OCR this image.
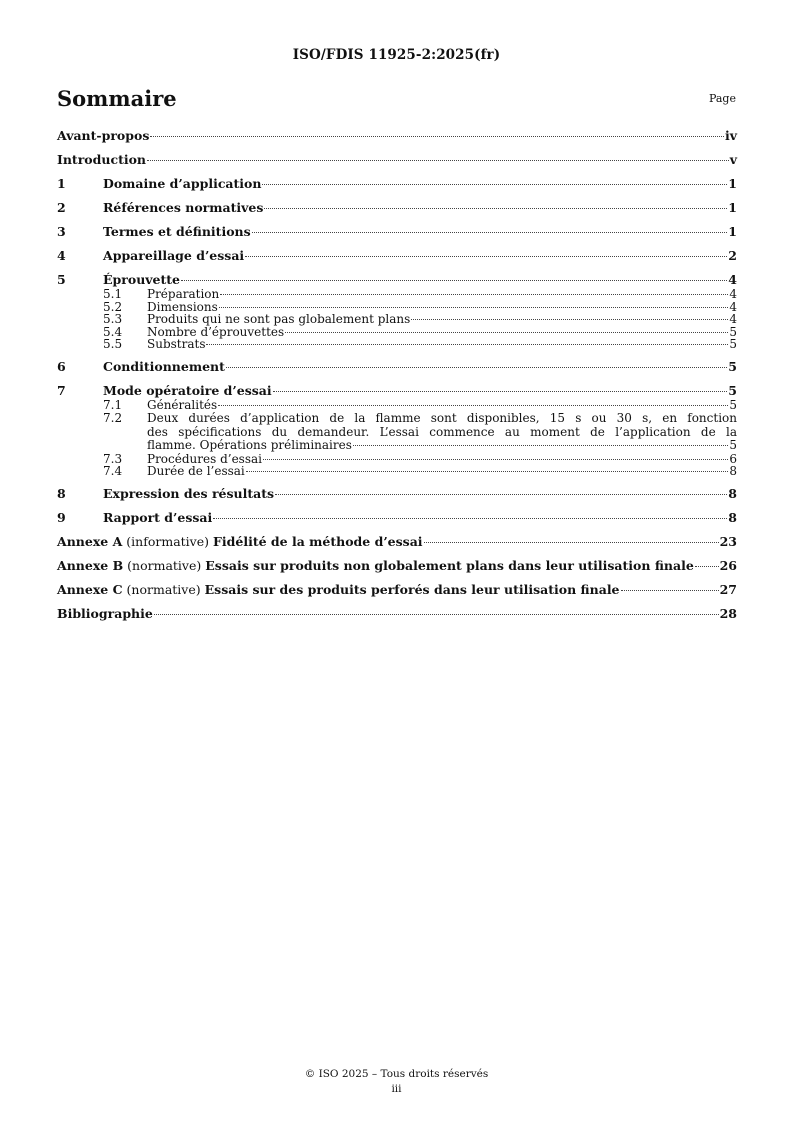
ISO/FDIS 11925-2:2025(fr)
Sommaire	Page
Avant-propos	iv
Introduction	v
1	Domaine d’application	1
2	Références normatives	1
3	Termes et définitions	1
4	Appareillage d’essai	2
5	Éprouvette	4
5.1	Préparation	4
5.2	Dimensions	4
5.3	Produits qui ne sont pas globalement plans	4
5.4	Nombre d’éprouvettes	5
5.5	Substrats	5
6	Conditionnement	5
7	Mode opératoire d’essai	5
7.1	Généralités	5
7.2	Deux durées d’application de la flamme sont disponibles, 15 s ou 30 s, en fonction
des spécifications du demandeur. L’essai commence au moment de l’application de la
flamme. Opérations préliminaires	5
7.3	Procédures d’essai	6
7.4	Durée de l’essai	8
8	Expression des résultats	8
9	Rapport d’essai	8
Annexe A (informative) Fidélité de la méthode d’essai	23
Annexe B (normative) Essais sur produits non globalement plans dans leur utilisation finale 26
Annexe C (normative) Essais sur des produits perforés dans leur utilisation finale	27
Bibliographie	28
© ISO 2025 – Tous droits réservés
iii
